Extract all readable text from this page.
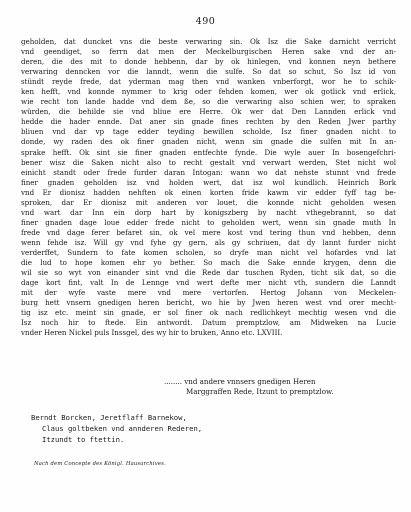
490
geholden, dat duncket vns die beste verwaring sin. Ok Isz die Sake darnicht verricht
vnd geendiget, so ferrn dat men der Meckelburgischen Heren sake vnd der an-
deren, die des mit to donde hebbenn, dar by ok hinlegen, vnd konnen neyn bethere
verwaring denncken vor die lanndt, wenn die sulfe. So dat so schut, So Isz id von
stündt reyde frede, dat yderman mag then vnd wanken vnberforgt, wor he to schik-
ken hefft, vnd konnde nymmer to krig oder fehden komen, wer ok gotlick vnd erlick,
wie recht ton lande hadde vnd dem ße, so die verwaring also schien wer, to spraken
würden, die behilde sie vnd bliue ere Herre. Ok wer dat Den Lannden erlick vnd
hedde die hader ennde. Dat aner sin gnade fines rechten by den Reden Jwer parthy
bliuen vnd dar vp tage edder teyding bewillen scholde, Isz finer gnaden nicht to
donde, wy raden des ok finer gnaden nicht, wenn sin gnade die sulfen mit In an-
sprake hefft. Ok sint sie finer gnaden entfechte fynde. Die wyle auer In bosengefchri-
bener wisz die Saken nicht also to recht gestalt vnd verwart werden, Stet nicht wol
einicht standt oder frede furder daran Intogan: wann wo dat nehste stunnt vnd frede
finer gnaden geholden isz vnd holden wert, dat isz wol kundlich. Heinrich Bork
vnd Er dionisz hadden nehften ok einen korten fride kawm vir edder fyff tag be-
sproken, dar Er dionisz mit anderen vor louet, die konnde nicht geholden wesen
vnd wart dar Inn ein dorp hart by konigszberg by nacht vthegebrannt, so dat
finer gnaden dage loue edder frede nicht to geholden wert, wenn sin gnade muth In
frede vnd dage ferer befaret sin, ok vel mere kost vnd tering thun vnd hebben, denn
wenn fehde isz. Will gy vnd fyhe gy gern, als gy schriuen, dat dy lannt furder nicht
verderffet, Sundern to fate komen scholen, so dryfe man nicht vel hofardes vnd lat
die lud to hope komen ehr yo bether. So mach die Sake ennde krygen, denn die
wil sie so wyt von einander sint vnd die Rede dar tuschen Ryden, ticht sik dat, so die
dage kort fint, valt In de Lennge vnd wert defte mer nicht vth, sundern die Lanndt
mit der wyfe vaste mere vnd mere vertorfen. Hertog Johann von Meckelen-
burg hett vnsern gnedigen heren bericht, wo hie by Jwen heren west vnd orer mecht-
tig isz etc. meint sin gnade, er sol finer ok nach redlichkeyt mechtig wesen vnd die
Isz noch hir to ftede. Ein antwordt. Datum premptzlow, am Midweken na Lucie
vnder Heren Nickel puls Inssgel, des wy hir to bruken, Anno etc. LXVIII.
........ vnd andere vnnsers gnedigen Heren
Marggraffen Rede, Itzunt to premptzlow.
Berndt Borcken, Jeretflaff Barnekow,
Claus goltbeken vnd annderen Rederen,
Itzundt to ftettin.
Nach dem Concepte des Königl. Hausarchives.
